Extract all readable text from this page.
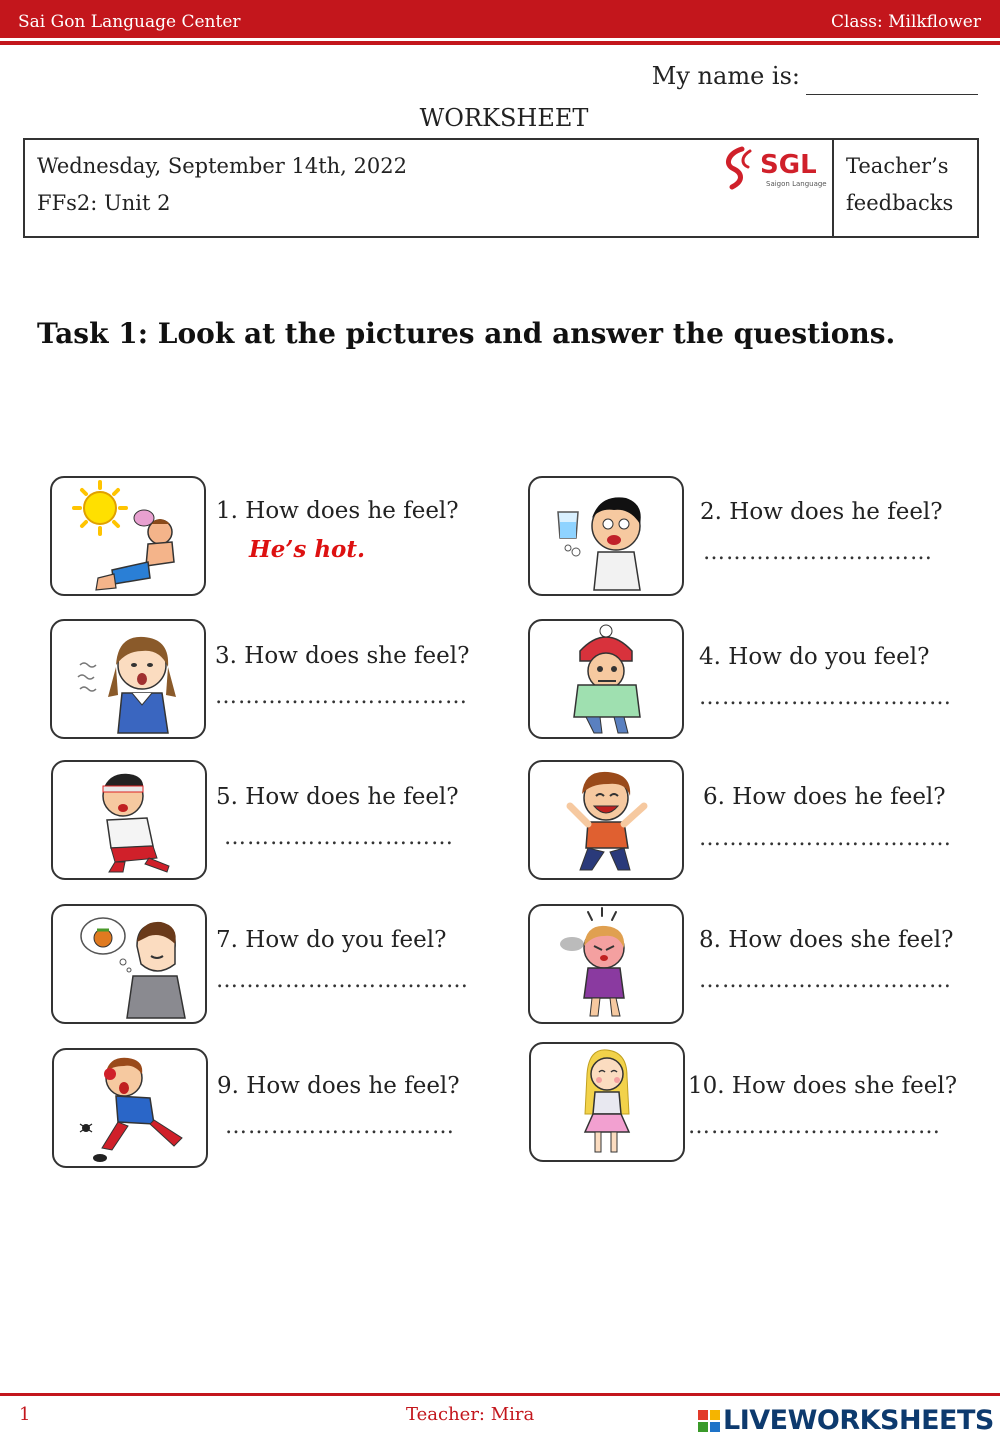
Sai Gon Language Center	Class: Milkflower
My name is:
WORKSHEET
Wednesday, September 14th, 2022
FFs2: Unit 2
Teacher’s
feedbacks
SGL
Saigon Language
Task 1: Look at the pictures and answer the questions.
1. How does he feel?
He’s hot.
2. How does he feel?
…………………………
3. How does she feel?
……………………………
4. How do you feel?
……………………………
5. How does he feel?
…………………………
6. How does he feel?
……………………………
7. How do you feel?
……………………………
8. How does she feel?
……………………………
9. How does he feel?
…………………………
10. How does she feel?
……………………………
1	Teacher: Mira	LIVEWORKSHEETS
